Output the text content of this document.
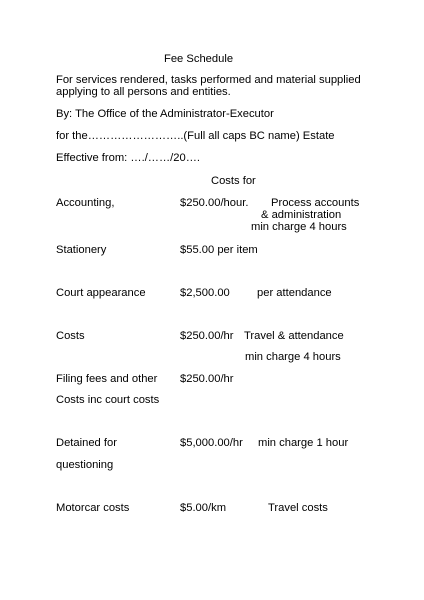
Fee Schedule
For services rendered, tasks performed and material supplied
applying to all persons and entities.
By: The Office of the Administrator-Executor
for the……………………..(Full all caps BC name) Estate
Effective from: …./……/20….
Costs for
Accounting,	$250.00/hour. Process accounts
& administration
min charge 4 hours
Stationery	$55.00 per item
Court appearance	$2,500.00 per attendance
Costs	$250.00/hr Travel & attendance
min charge 4 hours
Filing fees and other $250.00/hr
Costs inc court costs
Detained for	$5,000.00/hr min charge 1 hour
questioning
Motorcar costs	$5.00/km	Travel costs
